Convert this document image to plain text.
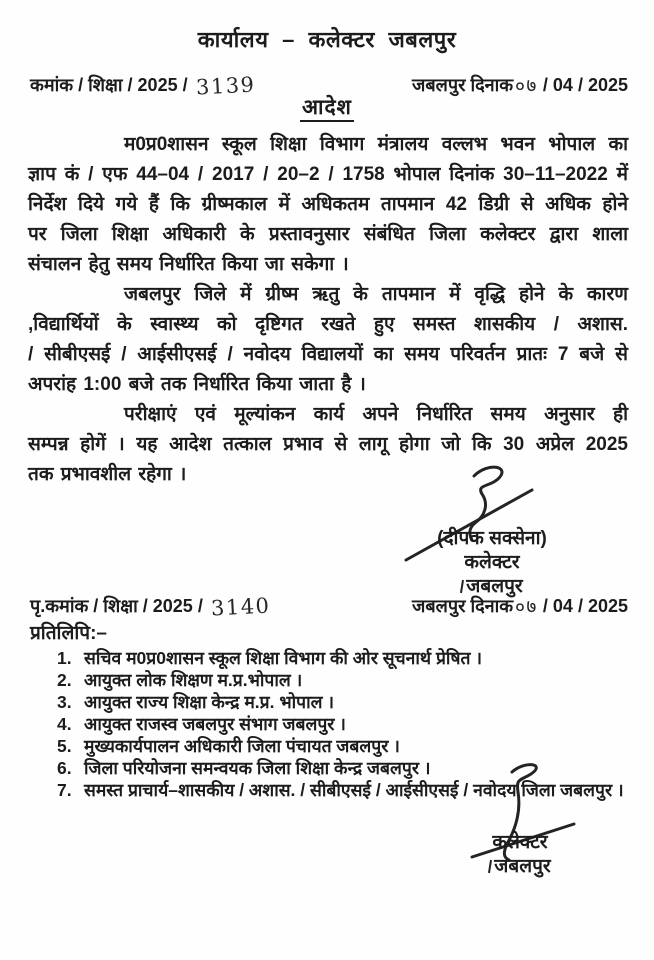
कार्यालय – कलेक्टर जबलपुर
कमांक / शिक्षा / 2025 / 3139	जबलपुर दिनाक०७ / 04 / 2025
आदेश
म0प्र0शासन स्कूल शिक्षा विभाग मंत्रालय वल्लभ भवन भोपाल का
ज्ञाप कं / एफ 44–04 / 2017 / 20–2 / 1758 भोपाल दिनांक 30–11–2022 में
निर्देश दिये गये हैं कि ग्रीष्मकाल में अधिकतम तापमान 42 डिग्री से अधिक होने
पर जिला शिक्षा अधिकारी के प्रस्तावनुसार संबंधित जिला कलेक्टर द्वारा शाला
संचालन हेतु समय निर्धारित किया जा सकेगा ।
जबलपुर जिले में ग्रीष्म ऋतु के तापमान में वृद्धि होने के कारण
,विद्यार्थियों के स्वास्थ्य को दृष्टिगत रखते हुए समस्त शासकीय / अशास.
/ सीबीएसई / आईसीएसई / नवोदय विद्यालयों का समय परिवर्तन प्रातः 7 बजे से
अपरांह 1:00 बजे तक निर्धारित किया जाता है ।
परीक्षाएं एवं मूल्यांकन कार्य अपने निर्धारित समय अनुसार ही
सम्पन्न होगें । यह आदेश तत्काल प्रभाव से लागू होगा जो कि 30 अप्रेल 2025
तक प्रभावशील रहेगा ।
(दीपक सक्सेना)
कलेक्टर
जबलपुर
पृ.कमांक / शिक्षा / 2025 / 3140	जबलपुर दिनाक०७ / 04 / 2025
प्रतिलिपि:–
1. सचिव म0प्र0शासन स्कूल शिक्षा विभाग की ओर सूचनार्थ प्रेषित ।
2. आयुक्त लोक शिक्षण म.प्र.भोपाल ।
3. आयुक्त राज्य शिक्षा केन्द्र म.प्र. भोपाल ।
4. आयुक्त राजस्व जबलपुर संभाग जबलपुर ।
5. मुख्यकार्यपालन अधिकारी जिला पंचायत जबलपुर ।
6. जिला परियोजना समन्वयक जिला शिक्षा केन्द्र जबलपुर ।
7. समस्त प्राचार्य–शासकीय / अशास. / सीबीएसई / आईसीएसई / नवोदय जिला जबलपुर ।
कलेक्टर
जबलपुर
